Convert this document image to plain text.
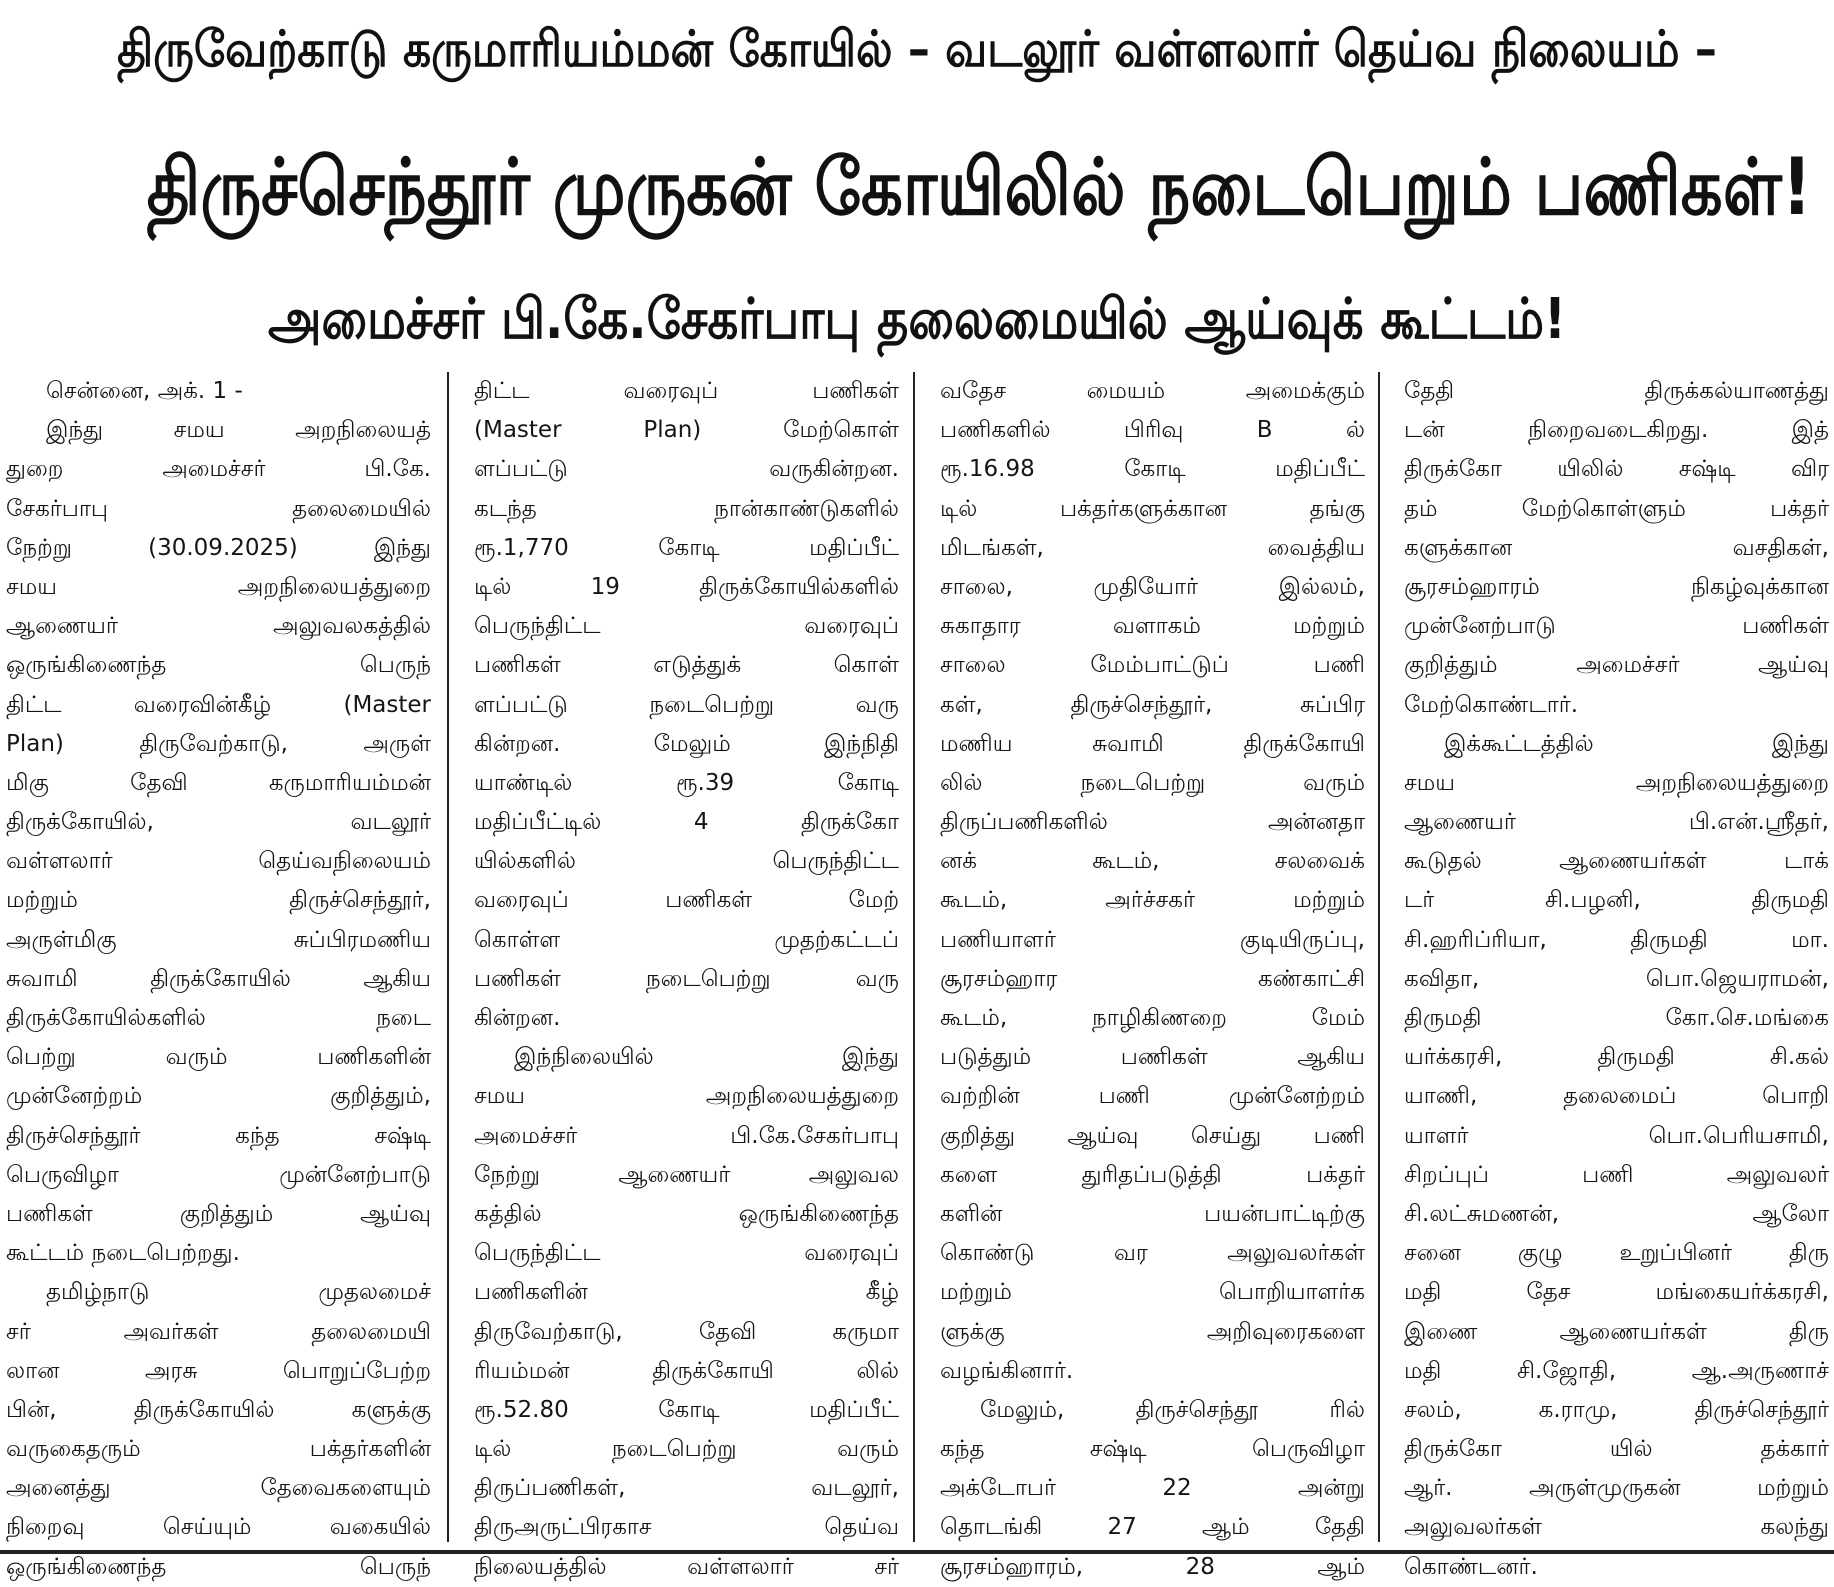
திருவேற்காடு கருமாரியம்மன் கோயில் – வடலூர் வள்ளலார் தெய்வ நிலையம் –
திருச்செந்தூர் முருகன் கோயிலில் நடைபெறும் பணிகள்!
அமைச்சர் பி.கே.சேகர்பாபு தலைமையில் ஆய்வுக் கூட்டம்!
சென்னை, அக். 1 -
இந்து சமய அறநிலையத்
துறை அமைச்சர் பி.கே.
சேகர்பாபு தலைமையில்
நேற்று (30.09.2025) இந்து
சமய அறநிலையத்துறை
ஆணையர் அலுவலகத்தில்
ஒருங்கிணைந்த பெருந்
திட்ட வரைவின்கீழ் (Master
Plan) திருவேற்காடு, அருள்
மிகு தேவி கருமாரியம்மன்
திருக்கோயில், வடலூர்
வள்ளலார் தெய்வநிலையம்
மற்றும் திருச்செந்தூர்,
அருள்மிகு சுப்பிரமணிய
சுவாமி திருக்கோயில் ஆகிய
திருக்கோயில்களில் நடை
பெற்று வரும் பணிகளின்
முன்னேற்றம் குறித்தும்,
திருச்செந்தூர் கந்த சஷ்டி
பெருவிழா முன்னேற்பாடு
பணிகள் குறித்தும் ஆய்வு
கூட்டம் நடைபெற்றது.
தமிழ்நாடு முதலமைச்
சர் அவர்கள் தலைமையி
லான அரசு பொறுப்பேற்ற
பின், திருக்கோயில் களுக்கு
வருகைதரும் பக்தர்களின்
அனைத்து தேவைகளையும்
நிறைவு செய்யும் வகையில்
ஒருங்கிணைந்த பெருந்
திட்ட வரைவுப் பணிகள்
(Master Plan) மேற்கொள்
ளப்பட்டு வருகின்றன.
கடந்த நான்காண்டுகளில்
ரூ.1,770 கோடி மதிப்பீட்
டில் 19 திருக்கோயில்களில்
பெருந்திட்ட வரைவுப்
பணிகள் எடுத்துக் கொள்
ளப்பட்டு நடைபெற்று வரு
கின்றன. மேலும் இந்நிதி
யாண்டில் ரூ.39 கோடி
மதிப்பீட்டில் 4 திருக்கோ
யில்களில் பெருந்திட்ட
வரைவுப் பணிகள் மேற்
கொள்ள முதற்கட்டப்
பணிகள் நடைபெற்று வரு
கின்றன.
இந்நிலையில் இந்து
சமய அறநிலையத்துறை
அமைச்சர் பி.கே.சேகர்பாபு
நேற்று ஆணையர் அலுவல
கத்தில் ஒருங்கிணைந்த
பெருந்திட்ட வரைவுப்
பணிகளின் கீழ்
திருவேற்காடு, தேவி கருமா
ரியம்மன் திருக்கோயி லில்
ரூ.52.80 கோடி மதிப்பீட்
டில் நடைபெற்று வரும்
திருப்பணிகள், வடலூர்,
திருஅருட்பிரகாச தெய்வ
நிலையத்தில் வள்ளலார் சர்
வதேச மையம் அமைக்கும்
பணிகளில் பிரிவு B ல்
ரூ.16.98 கோடி மதிப்பீட்
டில் பக்தர்களுக்கான தங்கு
மிடங்கள், வைத்திய
சாலை, முதியோர் இல்லம்,
சுகாதார வளாகம் மற்றும்
சாலை மேம்பாட்டுப் பணி
கள், திருச்செந்தூர், சுப்பிர
மணிய சுவாமி திருக்கோயி
லில் நடைபெற்று வரும்
திருப்பணிகளில் அன்னதா
னக் கூடம், சலவைக்
கூடம், அர்ச்சகர் மற்றும்
பணியாளர் குடியிருப்பு,
சூரசம்ஹார கண்காட்சி
கூடம், நாழிகிணறை மேம்
படுத்தும் பணிகள் ஆகிய
வற்றின் பணி முன்னேற்றம்
குறித்து ஆய்வு செய்து பணி
களை துரிதப்படுத்தி பக்தர்
களின் பயன்பாட்டிற்கு
கொண்டு வர அலுவலர்கள்
மற்றும் பொறியாளர்க
ளுக்கு அறிவுரைகளை
வழங்கினார்.
மேலும், திருச்செந்தூ ரில்
கந்த சஷ்டி பெருவிழா
அக்டோபர் 22 அன்று
தொடங்கி 27 ஆம் தேதி
சூரசம்ஹாரம், 28 ஆம்
தேதி திருக்கல்யாணத்து
டன் நிறைவடைகிறது. இத்
திருக்கோ யிலில் சஷ்டி விர
தம் மேற்கொள்ளும் பக்தர்
களுக்கான வசதிகள்,
சூரசம்ஹாரம் நிகழ்வுக்கான
முன்னேற்பாடு பணிகள்
குறித்தும் அமைச்சர் ஆய்வு
மேற்கொண்டார்.
இக்கூட்டத்தில் இந்து
சமய அறநிலையத்துறை
ஆணையர் பி.என்.ஸ்ரீதர்,
கூடுதல் ஆணையர்கள் டாக்
டர் சி.பழனி, திருமதி
சி.ஹரிப்ரியா, திருமதி மா.
கவிதா, பொ.ஜெயராமன்,
திருமதி கோ.செ.மங்கை
யர்க்கரசி, திருமதி சி.கல்
யாணி, தலைமைப் பொறி
யாளர் பொ.பெரியசாமி,
சிறப்புப் பணி அலுவலர்
சி.லட்சுமணன், ஆலோ
சனை குழு உறுப்பினர் திரு
மதி தேச மங்கையர்க்கரசி,
இணை ஆணையர்கள் திரு
மதி சி.ஜோதி, ஆ.அருணாச்
சலம், க.ராமு, திருச்செந்தூர்
திருக்கோ யில் தக்கார்
ஆர். அருள்முருகன் மற்றும்
அலுவலர்கள் கலந்து
கொண்டனர்.
